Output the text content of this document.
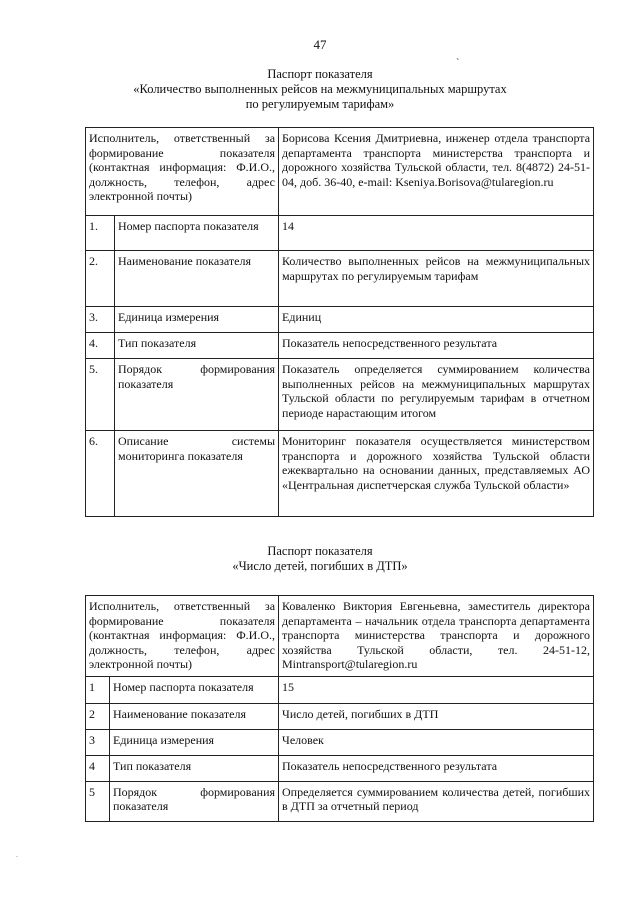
47
`
.
Паспорт показателя
«Количество выполненных рейсов на межмуниципальных маршрутах
по регулируемым тарифам»
Исполнитель, ответственный за формирование показателя (контактная информация: Ф.И.О., должность, телефон, адрес электронной почты)		Борисова Ксения Дмитриевна, инженер отдела транспорта департамента транспорта министерства транспорта и дорожного хозяйства Тульской области, тел. 8(4872) 24-51-04, доб. 36-40, e-mail: Kseniya.Borisova@tularegion.ru
1.	Номер паспорта показателя	14
2.	Наименование показателя	Количество выполненных рейсов на межмуниципальных маршрутах по регулируемым тарифам
3.	Единица измерения	Единиц
4.	Тип показателя	Показатель непосредственного результата
5.	Порядок формирования показателя	Показатель определяется суммированием количества выполненных рейсов на межмуниципальных маршрутах Тульской области по регулируемым тарифам в отчетном периоде нарастающим итогом
6.	Описание системы мониторинга показателя	Мониторинг показателя осуществляется министерством транспорта и дорожного хозяйства Тульской области ежеквартально на основании данных, представляемых АО «Центральная диспетчерская служба Тульской области»
Паспорт показателя
«Число детей, погибших в ДТП»
Исполнитель, ответственный за формирование показателя (контактная информация: Ф.И.О., должность, телефон, адрес электронной почты)		Коваленко Виктория Евгеньевна, заместитель директора департамента – начальник отдела транспорта департамента транспорта министерства транспорта и дорожного хозяйства Тульской области, тел. 24-51-12, Mintransport@tularegion.ru
1	Номер паспорта показателя	15
2	Наименование показателя	Число детей, погибших в ДТП
3	Единица измерения	Человек
4	Тип показателя	Показатель непосредственного результата
5	Порядок формирования показателя	Определяется суммированием количества детей, погибших в ДТП за отчетный период
